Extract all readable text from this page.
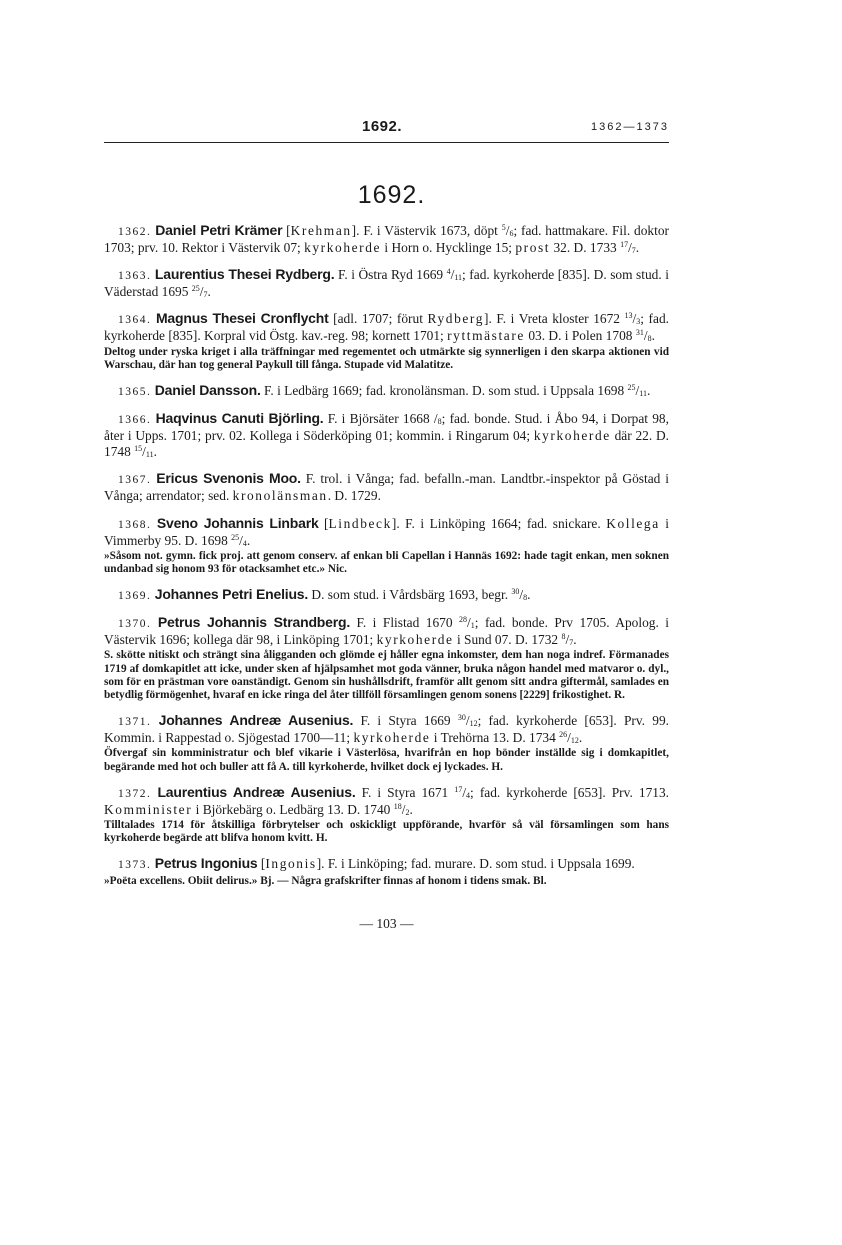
1692.	1362—1373
1692.
1362. Daniel Petri Krämer [Krehman]. F. i Västervik 1673, döpt $^5/_6$; fad. hattmakare. Fil. doktor 1703; prv. 10. Rektor i Västervik 07; kyrkoherde i Horn o. Hycklinge 15; prost 32. D. 1733 $^{17}/_7$.
1363. Laurentius Thesei Rydberg. F. i Östra Ryd 1669 $^4/_{11}$; fad. kyrkoherde [835]. D. som stud. i Väderstad 1695 $^{25}/_7$.
1364. Magnus Thesei Cronflycht [adl. 1707; förut Rydberg]. F. i Vreta kloster 1672 $^{13}/_3$; fad. kyrkoherde [835]. Korpral vid Östg. kav.-reg. 98; kornett 1701; ryttmästare 03. D. i Polen 1708 $^{31}/_8$.
Deltog under ryska kriget i alla träffningar med regementet och utmärkte sig synnerligen i den skarpa aktionen vid Warschau, där han tog general Paykull till fånga. Stupade vid Malatitze.
1365. Daniel Dansson. F. i Ledbärg 1669; fad. kronolänsman. D. som stud. i Uppsala 1698 $^{25}/_{11}$.
1366. Haqvinus Canuti Björling. F. i Björsäter 1668 $/_8$; fad. bonde. Stud. i Åbo 94, i Dorpat 98, åter i Upps. 1701; prv. 02. Kollega i Söderköping 01; kommin. i Ringarum 04; kyrkoherde där 22. D. 1748 $^{15}/_{11}$.
1367. Ericus Svenonis Moo. F. trol. i Vånga; fad. befalln.-man. Landtbr.-inspektor på Göstad i Vånga; arrendator; sed. kronolänsman. D. 1729.
1368. Sveno Johannis Linbark [Lindbeck]. F. i Linköping 1664; fad. snickare. Kollega i Vimmerby 95. D. 1698 $^{25}/_4$.
»Såsom not. gymn. fick proj. att genom conserv. af enkan bli Capellan i Hannäs 1692: hade tagit enkan, men soknen undanbad sig honom 93 för otacksamhet etc.» Nic.
1369. Johannes Petri Enelius. D. som stud. i Vårdsbärg 1693, begr. $^{30}/_8$.
1370. Petrus Johannis Strandberg. F. i Flistad 1670 $^{28}/_1$; fad. bonde. Prv 1705. Apolog. i Västervik 1696; kollega där 98, i Linköping 1701; kyrkoherde i Sund 07. D. 1732 $^8/_7$.
S. skötte nitiskt och strängt sina åligganden och glömde ej håller egna inkomster, dem han noga indref. Förmanades 1719 af domkapitlet att icke, under sken af hjälpsamhet mot goda vänner, bruka någon handel med matvaror o. dyl., som för en prästman vore oanständigt. Genom sin hushållsdrift, framför allt genom sitt andra giftermål, samlades en betydlig förmögenhet, hvaraf en icke ringa del åter tillföll församlingen genom sonens [2229] frikostighet. R.
1371. Johannes Andreæ Ausenius. F. i Styra 1669 $^{30}/_{12}$; fad. kyrkoherde [653]. Prv. 99. Kommin. i Rappestad o. Sjögestad 1700—11; kyrkoherde i Trehörna 13. D. 1734 $^{26}/_{12}$.
Öfvergaf sin komministratur och blef vikarie i Västerlösa, hvarifrån en hop bönder inställde sig i domkapitlet, begärande med hot och buller att få A. till kyrkoherde, hvilket dock ej lyckades. H.
1372. Laurentius Andreæ Ausenius. F. i Styra 1671 $^{17}/_4$; fad. kyrkoherde [653]. Prv. 1713. Komminister i Björkebärg o. Ledbärg 13. D. 1740 $^{18}/_2$.
Tilltalades 1714 för åtskilliga förbrytelser och oskickligt uppförande, hvarför så väl församlingen som hans kyrkoherde begärde att blifva honom kvitt. H.
1373. Petrus Ingonius [Ingonis]. F. i Linköping; fad. murare. D. som stud. i Uppsala 1699.
»Poëta excellens. Obiit delirus.» Bj. — Några grafskrifter finnas af honom i tidens smak. Bl.
— 103 —
